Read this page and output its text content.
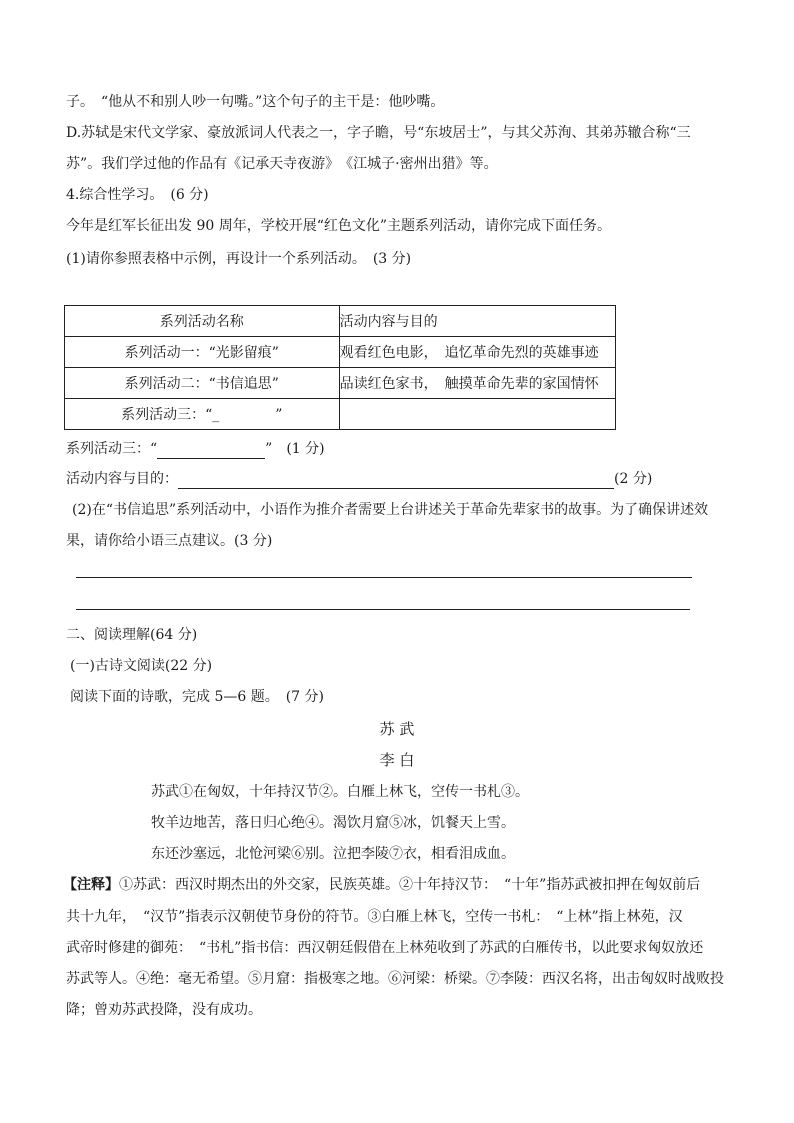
子。　“他从不和别人吵一句嘴。”这个句子的主干是：他吵嘴。
D.苏轼是宋代文学家、豪放派词人代表之一，字子瞻，号“东坡居士”，与其父苏洵、其弟苏辙合称“三
苏”。我们学过他的作品有《记承天寺夜游》　《江城子·密州出猎》等。
4.综合性学习。　(6 分)
今年是红军长征出发 90 周年，学校开展“红色文化”主题系列活动，请你完成下面任务。
(1)请你参照表格中示例，再设计一个系列活动。　(3 分)
系列活动名称	活动内容与目的
系列活动一：“光影留痕”	观看红色电影，　追忆革命先烈的英雄事迹
系列活动二：“书信追思”	品读红色家书，　触摸革命先辈的家国情怀
系列活动三：“_　　　　”	
系列活动三：“	”　(1 分)
活动内容与目的：	(2 分)
(2)在“书信追思”系列活动中，小语作为推介者需要上台讲述关于革命先辈家书的故事。为了确保讲述效
果，请你给小语三点建议。(3 分)
二、阅读理解(64 分)
(一)古诗文阅读(22 分)
阅读下面的诗歌，完成 5—6 题。　(7 分)
苏 武
李 白
苏武①在匈奴，十年持汉节②。白雁上林飞，空传一书札③。
牧羊边地苦，落日归心绝④。渴饮月窟⑤冰，饥餐天上雪。
东还沙塞远，北怆河梁⑥别。泣把李陵⑦衣，相看泪成血。
【注释】①苏武：西汉时期杰出的外交家，民族英雄。②十年持汉节：　“十年”指苏武被扣押在匈奴前后
共十九年，　“汉节”指表示汉朝使节身份的符节。③白雁上林飞，空传一书札：　“上林”指上林苑，汉
武帝时修建的御苑：　“书札”指书信：西汉朝廷假借在上林苑收到了苏武的白雁传书，以此要求匈奴放还
苏武等人。④绝：毫无希望。⑤月窟：指极寒之地。⑥河梁：桥梁。⑦李陵：西汉名将，出击匈奴时战败投
降；曾劝苏武投降，没有成功。
